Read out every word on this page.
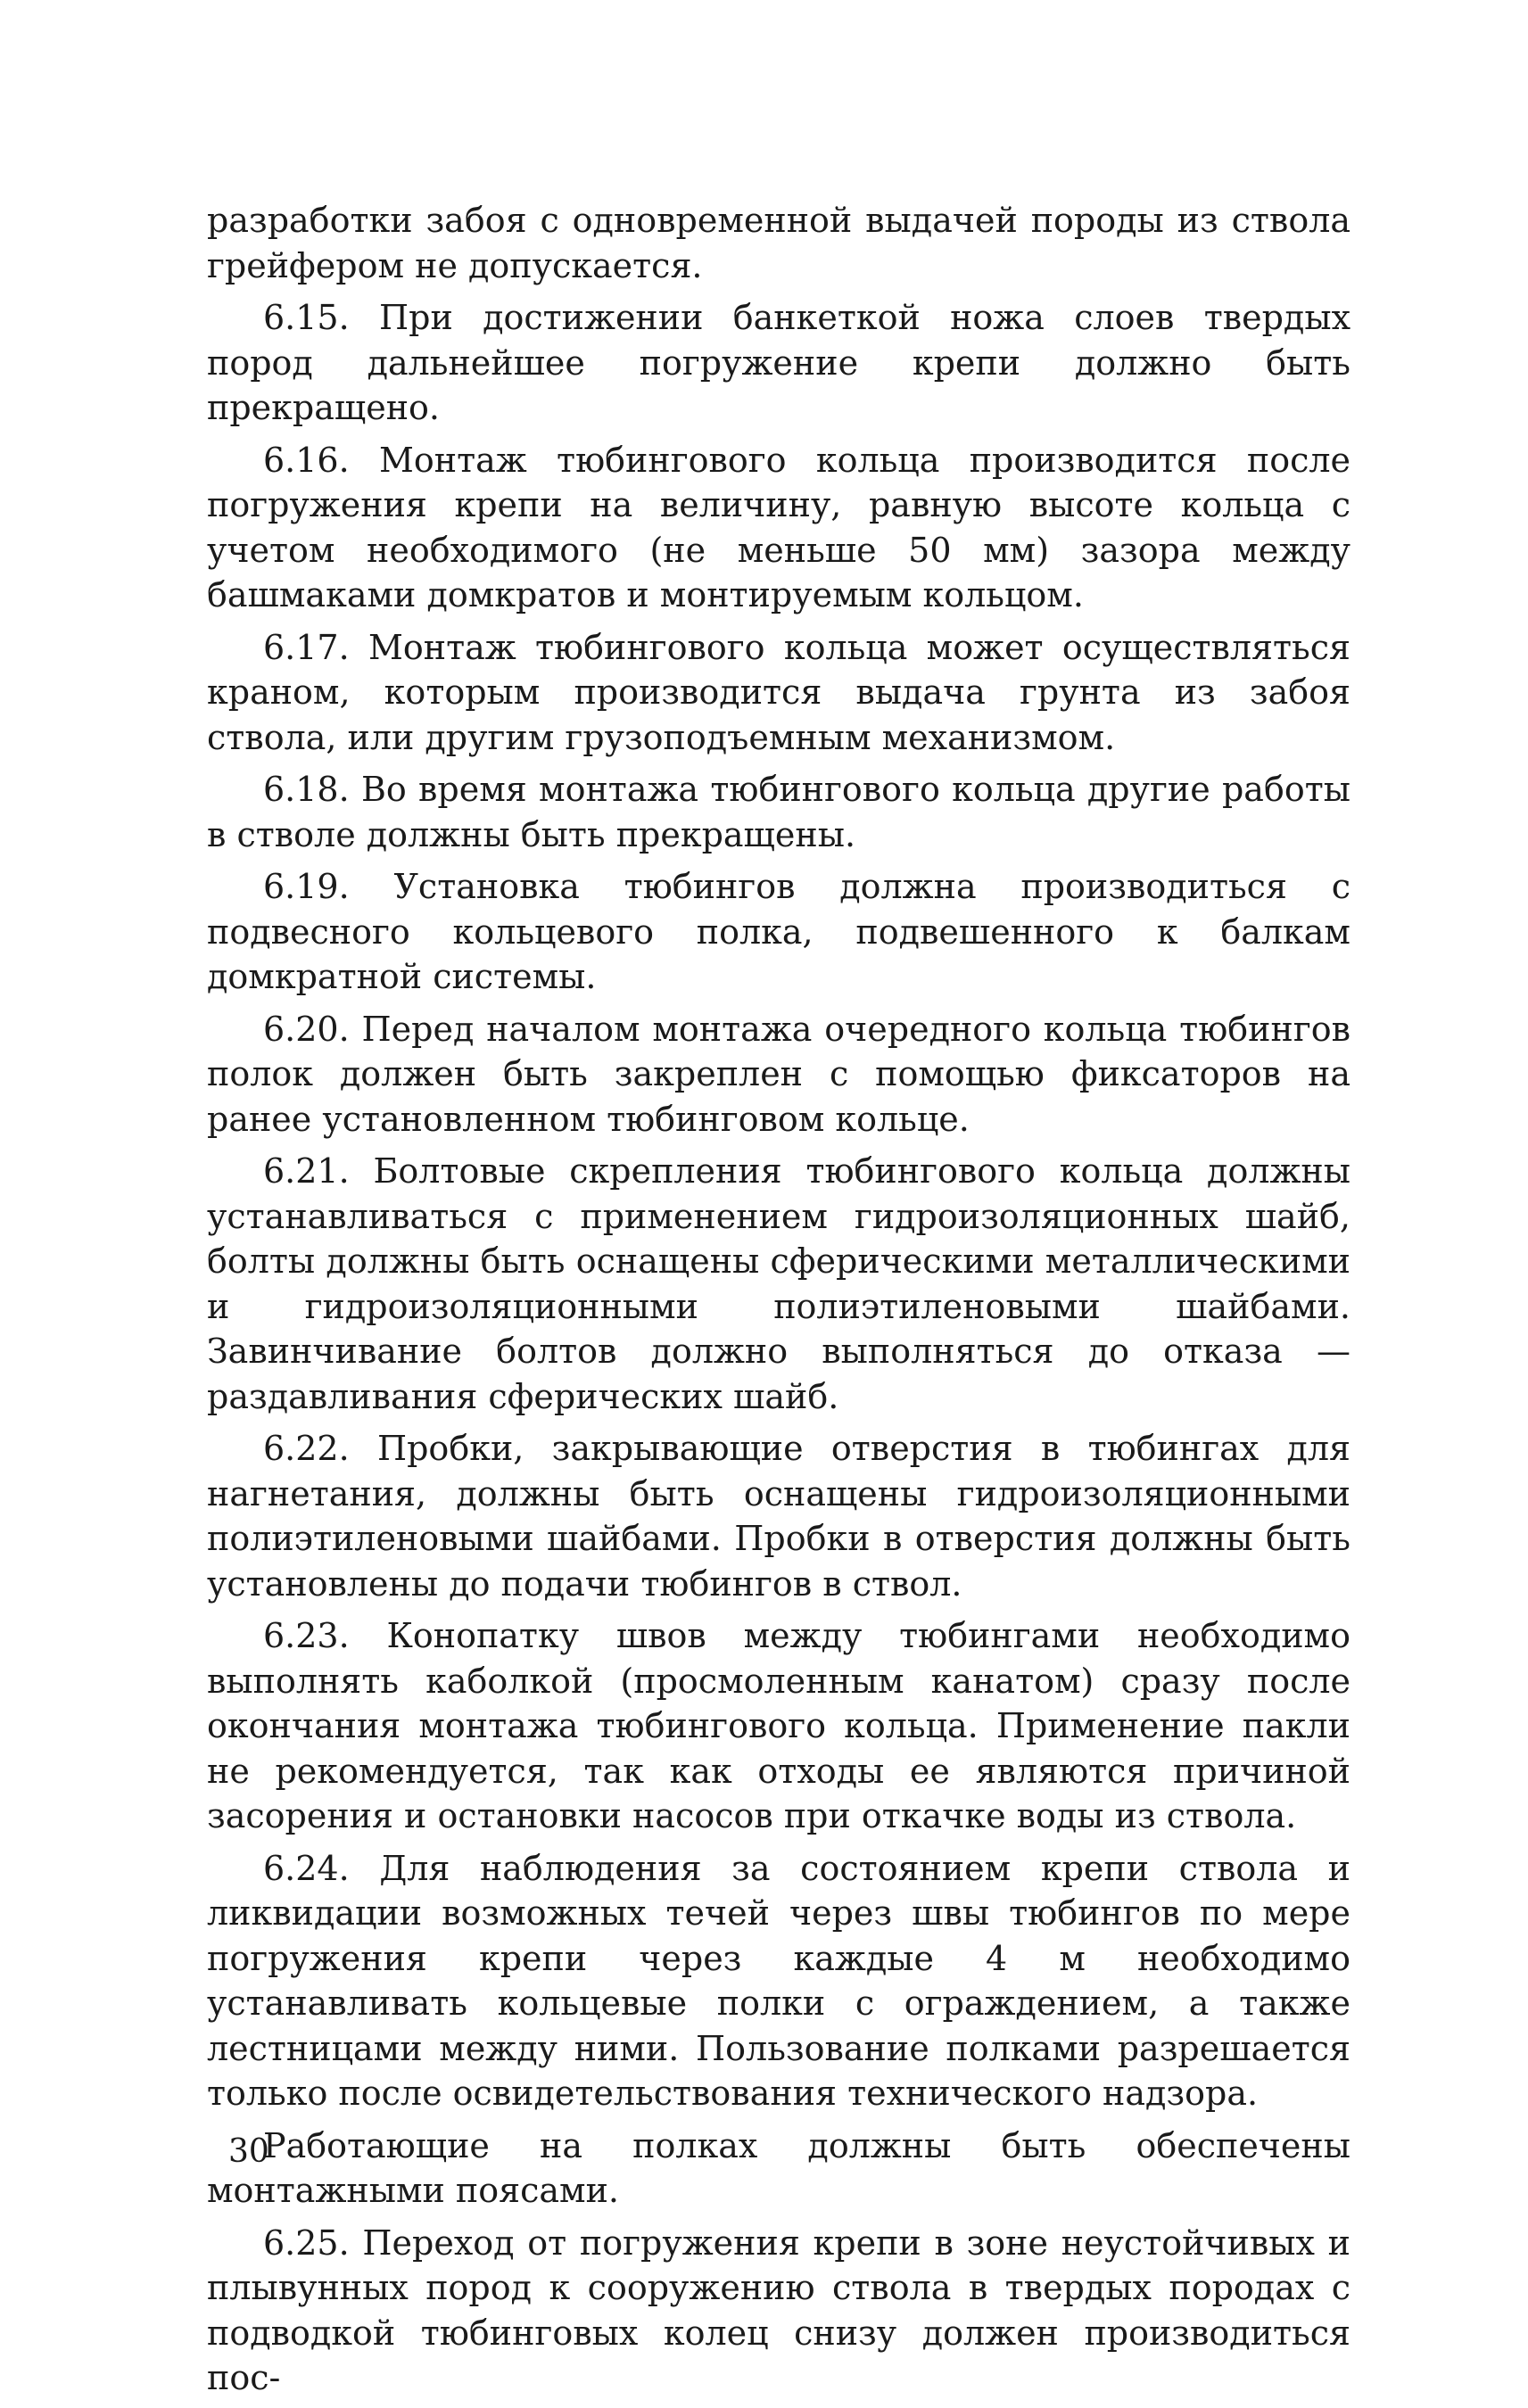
разработки забоя с одновременной выдачей породы из ствола грейфером не допускается.

6.15. При достижении банкеткой ножа слоев твердых пород дальнейшее погружение крепи должно быть прекращено.

6.16. Монтаж тюбингового кольца производится после погружения крепи на величину, равную высоте кольца с учетом необходимого (не меньше 50 мм) зазора между башмаками домкратов и монтируемым кольцом.

6.17. Монтаж тюбингового кольца может осуществляться краном, которым производится выдача грунта из забоя ствола, или другим грузоподъемным механизмом.

6.18. Во время монтажа тюбингового кольца другие работы в стволе должны быть прекращены.

6.19. Установка тюбингов должна производиться с подвесного кольцевого полка, подвешенного к балкам домкратной системы.

6.20. Перед началом монтажа очередного кольца тюбингов полок должен быть закреплен с помощью фиксаторов на ранее установленном тюбинговом кольце.

6.21. Болтовые скрепления тюбингового кольца должны устанавливаться с применением гидроизоляционных шайб, болты должны быть оснащены сферическими металлическими и гидроизоляционными полиэтиленовыми шайбами. Завинчивание болтов должно выполняться до отказа — раздавливания сферических шайб.

6.22. Пробки, закрывающие отверстия в тюбингах для нагнетания, должны быть оснащены гидроизоляционными полиэтиленовыми шайбами. Пробки в отверстия должны быть установлены до подачи тюбингов в ствол.

6.23. Конопатку швов между тюбингами необходимо выполнять каболкой (просмоленным канатом) сразу после окончания монтажа тюбингового кольца. Применение пакли не рекомендуется, так как отходы ее являются причиной засорения и остановки насосов при откачке воды из ствола.

6.24. Для наблюдения за состоянием крепи ствола и ликвидации возможных течей через швы тюбингов по мере погружения крепи через каждые 4 м необходимо устанавливать кольцевые полки с ограждением, а также лестницами между ними. Пользование полками разрешается только после освидетельствования технического надзора.

Работающие на полках должны быть обеспечены монтажными поясами.

6.25. Переход от погружения крепи в зоне неустойчивых и плывунных пород к сооружению ствола в твердых породах с подводкой тюбинговых колец снизу должен производиться пос-

30
